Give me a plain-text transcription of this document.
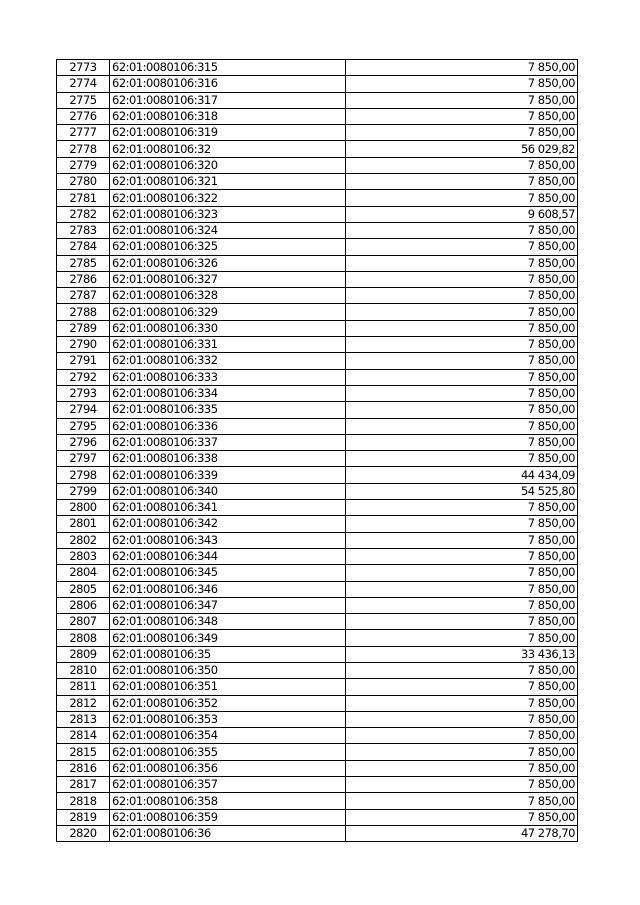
2773	62:01:0080106:315	7 850,00
2774	62:01:0080106:316	7 850,00
2775	62:01:0080106:317	7 850,00
2776	62:01:0080106:318	7 850,00
2777	62:01:0080106:319	7 850,00
2778	62:01:0080106:32	56 029,82
2779	62:01:0080106:320	7 850,00
2780	62:01:0080106:321	7 850,00
2781	62:01:0080106:322	7 850,00
2782	62:01:0080106:323	9 608,57
2783	62:01:0080106:324	7 850,00
2784	62:01:0080106:325	7 850,00
2785	62:01:0080106:326	7 850,00
2786	62:01:0080106:327	7 850,00
2787	62:01:0080106:328	7 850,00
2788	62:01:0080106:329	7 850,00
2789	62:01:0080106:330	7 850,00
2790	62:01:0080106:331	7 850,00
2791	62:01:0080106:332	7 850,00
2792	62:01:0080106:333	7 850,00
2793	62:01:0080106:334	7 850,00
2794	62:01:0080106:335	7 850,00
2795	62:01:0080106:336	7 850,00
2796	62:01:0080106:337	7 850,00
2797	62:01:0080106:338	7 850,00
2798	62:01:0080106:339	44 434,09
2799	62:01:0080106:340	54 525,80
2800	62:01:0080106:341	7 850,00
2801	62:01:0080106:342	7 850,00
2802	62:01:0080106:343	7 850,00
2803	62:01:0080106:344	7 850,00
2804	62:01:0080106:345	7 850,00
2805	62:01:0080106:346	7 850,00
2806	62:01:0080106:347	7 850,00
2807	62:01:0080106:348	7 850,00
2808	62:01:0080106:349	7 850,00
2809	62:01:0080106:35	33 436,13
2810	62:01:0080106:350	7 850,00
2811	62:01:0080106:351	7 850,00
2812	62:01:0080106:352	7 850,00
2813	62:01:0080106:353	7 850,00
2814	62:01:0080106:354	7 850,00
2815	62:01:0080106:355	7 850,00
2816	62:01:0080106:356	7 850,00
2817	62:01:0080106:357	7 850,00
2818	62:01:0080106:358	7 850,00
2819	62:01:0080106:359	7 850,00
2820	62:01:0080106:36	47 278,70
